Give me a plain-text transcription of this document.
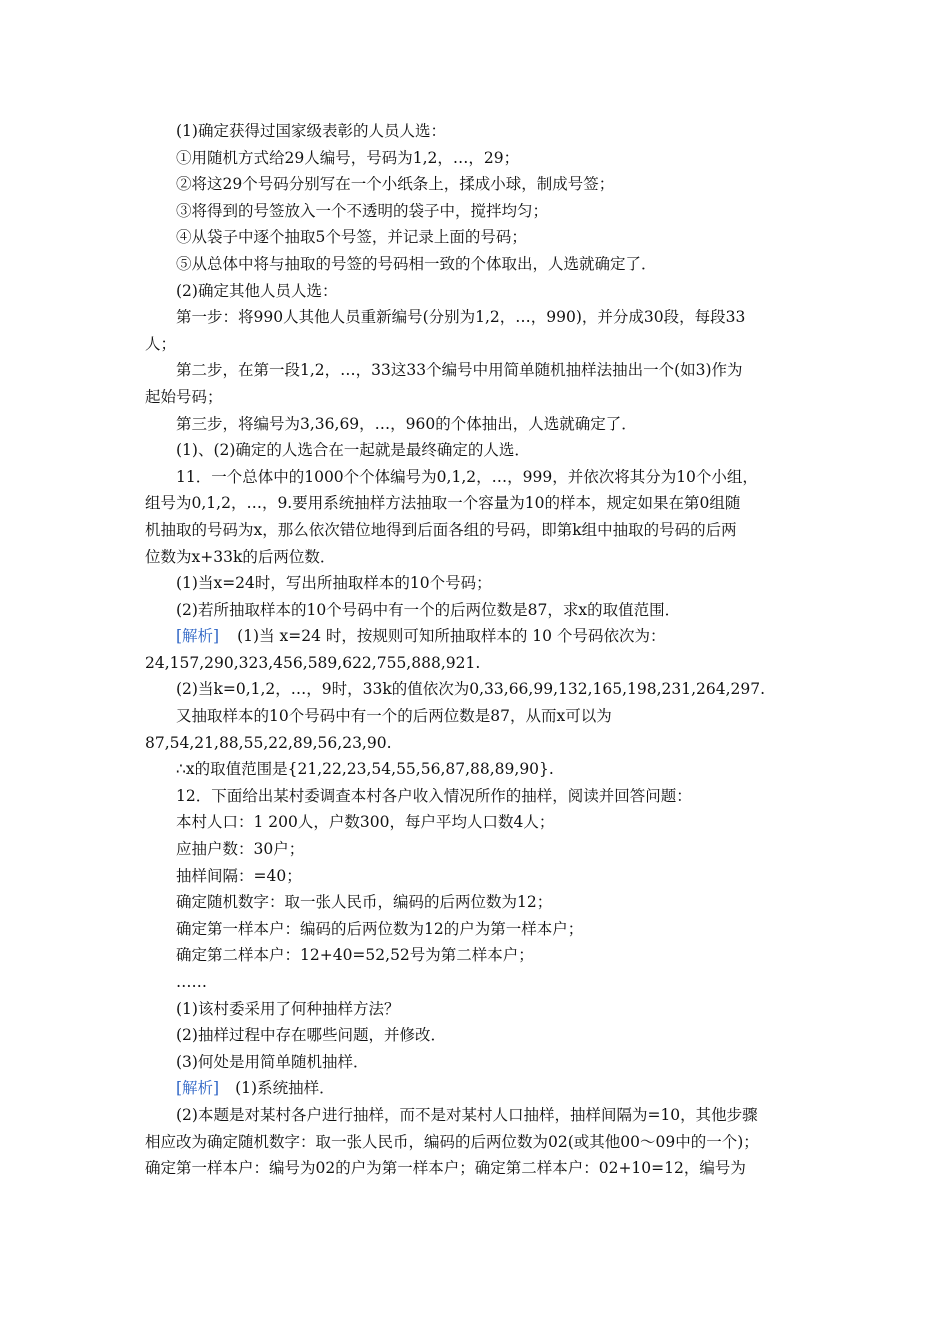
(1)确定获得过国家级表彰的人员人选：
①用随机方式给29人编号，号码为1,2，…，29；
②将这29个号码分别写在一个小纸条上，揉成小球，制成号签；
③将得到的号签放入一个不透明的袋子中，搅拌均匀；
④从袋子中逐个抽取5个号签，并记录上面的号码；
⑤从总体中将与抽取的号签的号码相一致的个体取出，人选就确定了．
(2)确定其他人员人选：
第一步：将990人其他人员重新编号(分别为1,2，…，990)，并分成30段，每段33
人；
第二步，在第一段1,2，…，33这33个编号中用简单随机抽样法抽出一个(如3)作为
起始号码；
第三步，将编号为3,36,69，…，960的个体抽出，人选就确定了．
(1)、(2)确定的人选合在一起就是最终确定的人选．
11．一个总体中的1000个个体编号为0,1,2，…，999，并依次将其分为10个小组，
组号为0,1,2，…，9.要用系统抽样方法抽取一个容量为10的样本，规定如果在第0组随
机抽取的号码为x，那么依次错位地得到后面各组的号码，即第k组中抽取的号码的后两
位数为x+33k的后两位数．
(1)当x=24时，写出所抽取样本的10个号码；
(2)若所抽取样本的10个号码中有一个的后两位数是87，求x的取值范围．
[解析] (1)当 x=24 时，按规则可知所抽取样本的 10 个号码依次为：
24,157,290,323,456,589,622,755,888,921.
(2)当k=0,1,2，…，9时，33k的值依次为0,33,66,99,132,165,198,231,264,297.
又抽取样本的10个号码中有一个的后两位数是87，从而x可以为
87,54,21,88,55,22,89,56,23,90.
∴x的取值范围是{21,22,23,54,55,56,87,88,89,90}.
12．下面给出某村委调查本村各户收入情况所作的抽样，阅读并回答问题：
本村人口：1 200人，户数300，每户平均人口数4人；
应抽户数：30户；
抽样间隔：=40；
确定随机数字：取一张人民币，编码的后两位数为12；
确定第一样本户：编码的后两位数为12的户为第一样本户；
确定第二样本户：12+40=52,52号为第二样本户；
……
(1)该村委采用了何种抽样方法？
(2)抽样过程中存在哪些问题，并修改．
(3)何处是用简单随机抽样．
[解析] (1)系统抽样．
(2)本题是对某村各户进行抽样，而不是对某村人口抽样，抽样间隔为=10，其他步骤
相应改为确定随机数字：取一张人民币，编码的后两位数为02(或其他00～09中的一个)；
确定第一样本户：编号为02的户为第一样本户；确定第二样本户：02+10=12，编号为
